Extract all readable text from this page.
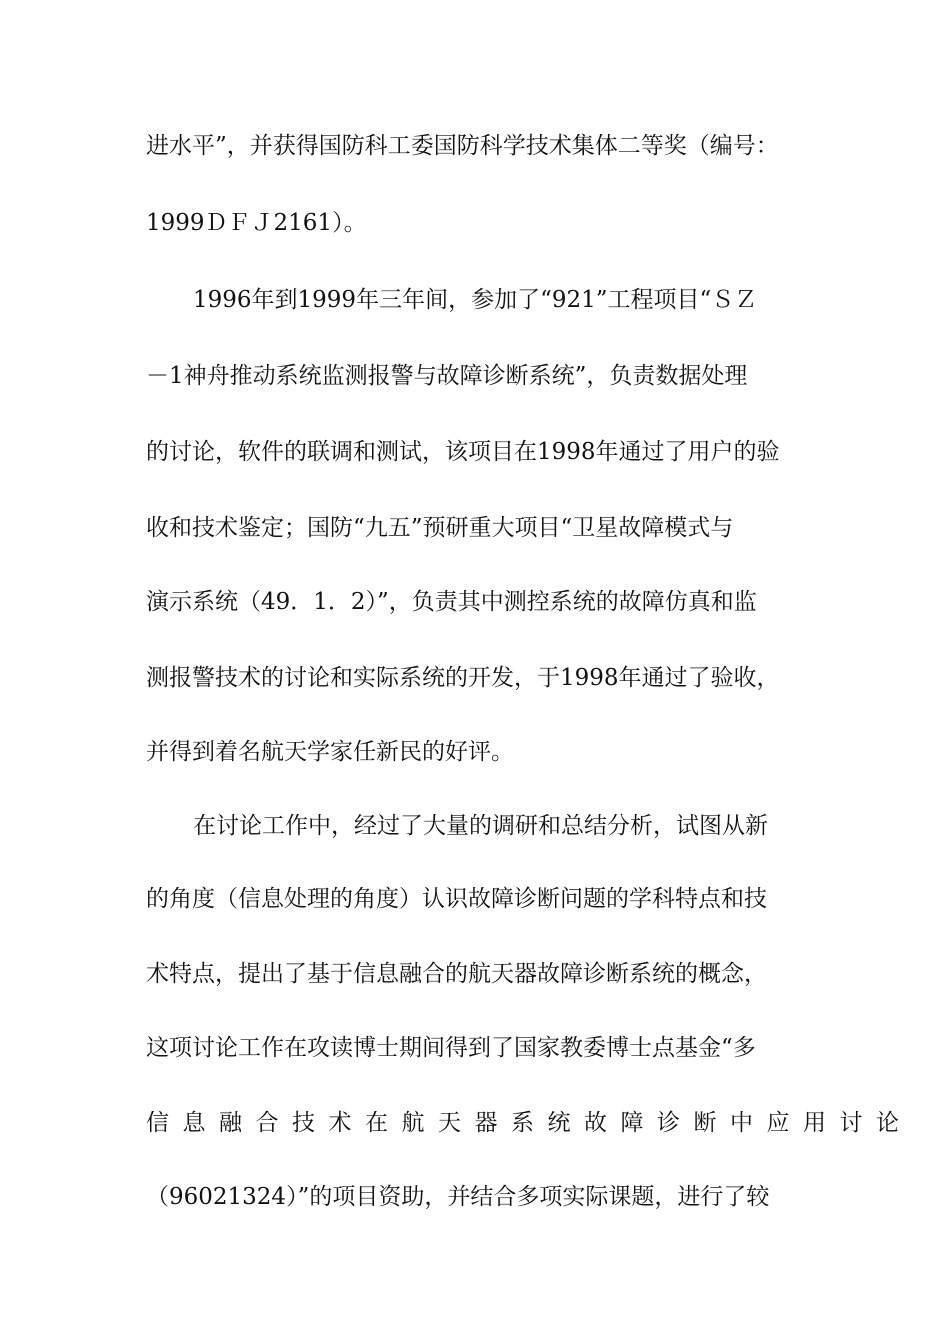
进水平”，并获得国防科工委国防科学技术集体二等奖（编号：
1999ＤＦＪ2161）。
1996年到1999年三年间，参加了“921”工程项目“ＳＺ
－1神舟推动系统监测报警与故障诊断系统”，负责数据处理
的讨论，软件的联调和测试，该项目在1998年通过了用户的验
收和技术鉴定；国防“九五”预研重大项目“卫星故障模式与
演示系统（49．1．2）”，负责其中测控系统的故障仿真和监
测报警技术的讨论和实际系统的开发，于1998年通过了验收，
并得到着名航天学家任新民的好评。
在讨论工作中，经过了大量的调研和总结分析，试图从新
的角度（信息处理的角度）认识故障诊断问题的学科特点和技
术特点，提出了基于信息融合的航天器故障诊断系统的概念，
这项讨论工作在攻读博士期间得到了国家教委博士点基金“多
信息融合技术在航天器系统故障诊断中应用讨论
（96021324）”的项目资助，并结合多项实际课题，进行了较
